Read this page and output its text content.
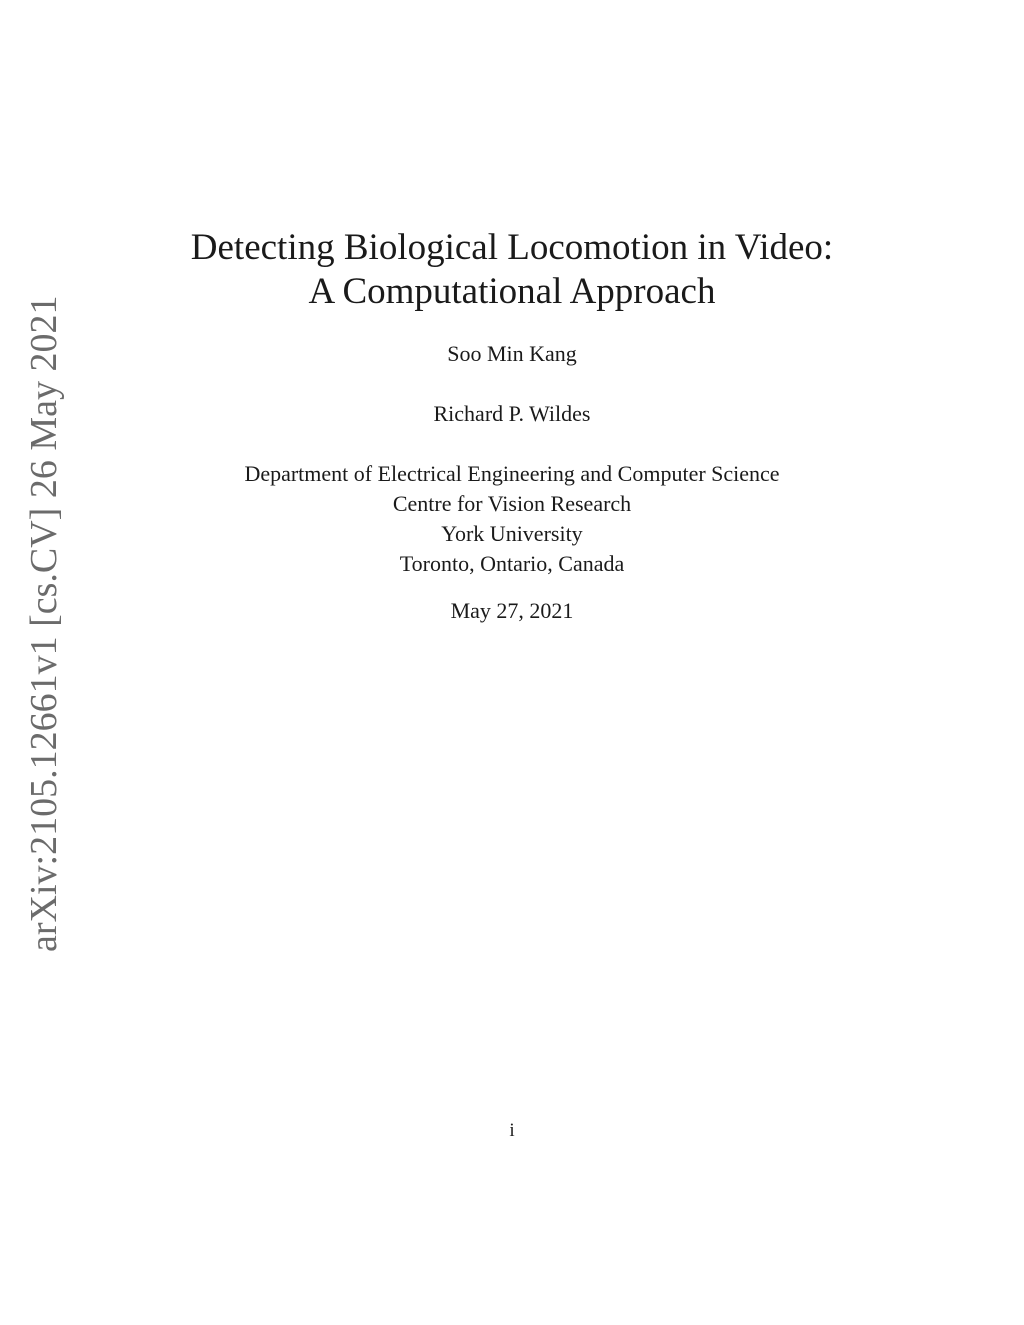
arXiv:2105.12661v1 [cs.CV] 26 May 2021
Detecting Biological Locomotion in Video:
A Computational Approach
Soo Min Kang
Richard P. Wildes
Department of Electrical Engineering and Computer Science
Centre for Vision Research
York University
Toronto, Ontario, Canada
May 27, 2021
i
